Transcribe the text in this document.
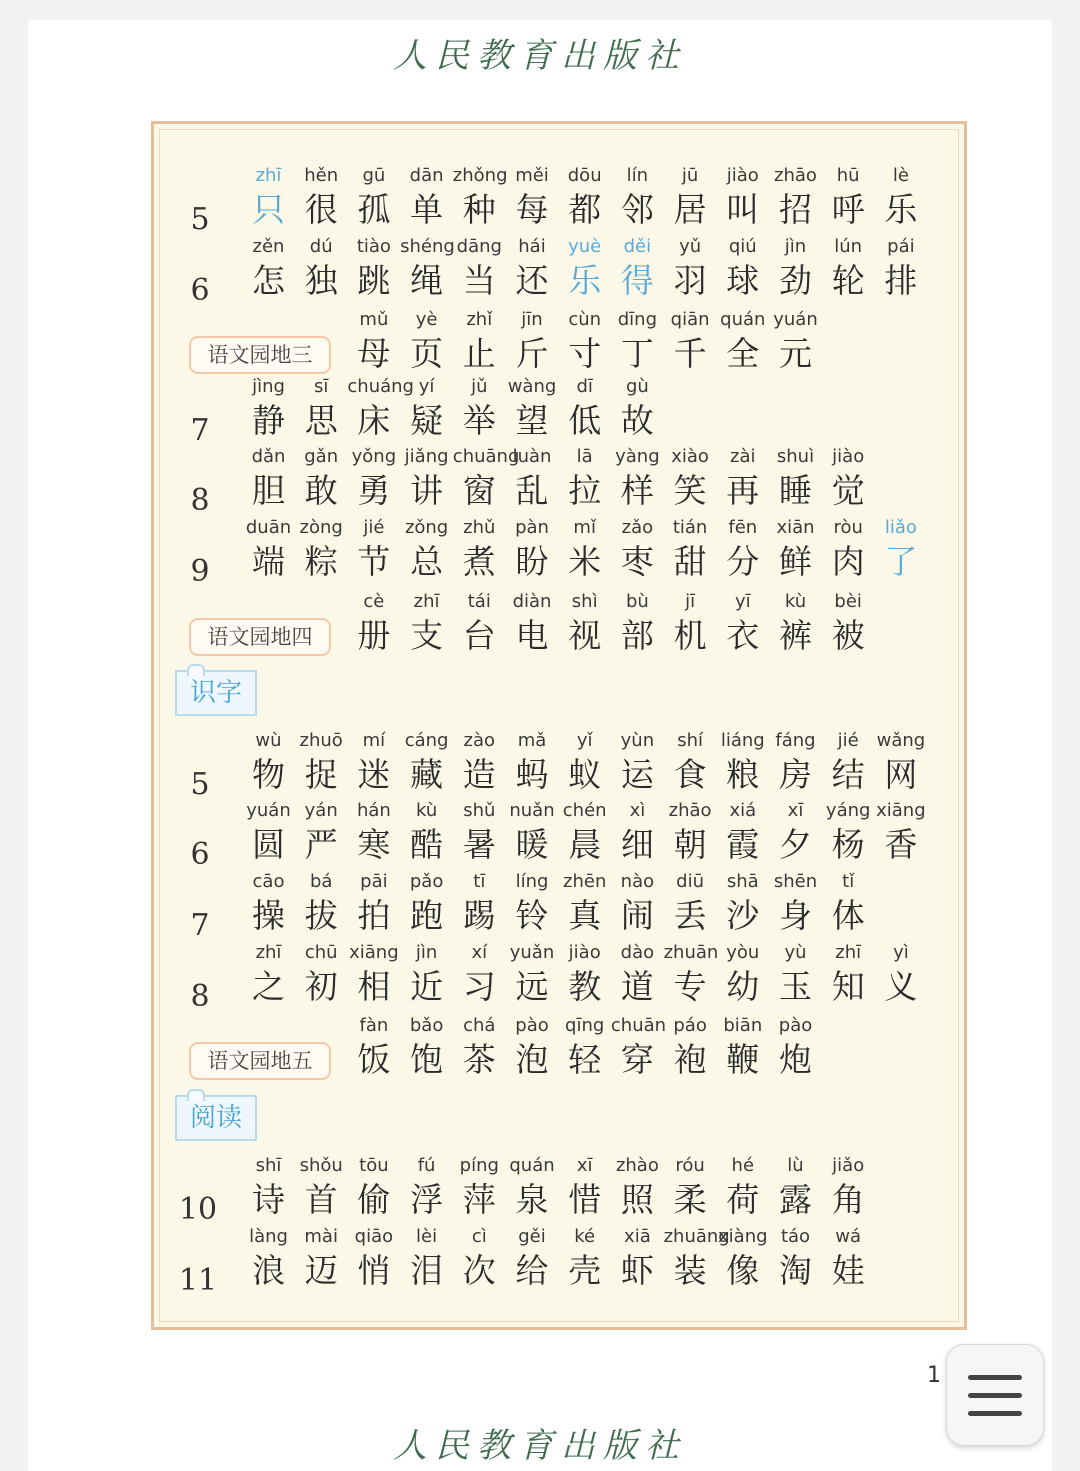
人民教育出版社
5
zhī
只
hěn
很
gū
孤
dān
单
zhǒng
种
měi
每
dōu
都
lín
邻
jū
居
jiào
叫
zhāo
招
hū
呼
lè
乐
6
zěn
怎
dú
独
tiào
跳
shéng
绳
dāng
当
hái
还
yuè
乐
děi
得
yǔ
羽
qiú
球
jìn
劲
lún
轮
pái
排
语文园地三
mǔ
母
yè
页
zhǐ
止
jīn
斤
cùn
寸
dīng
丁
qiān
千
quán
全
yuán
元
7
jìng
静
sī
思
chuáng
床
yí
疑
jǔ
举
wàng
望
dī
低
gù
故
8
dǎn
胆
gǎn
敢
yǒng
勇
jiǎng
讲
chuāng
窗
luàn
乱
lā
拉
yàng
样
xiào
笑
zài
再
shuì
睡
jiào
觉
9
duān
端
zòng
粽
jié
节
zǒng
总
zhǔ
煮
pàn
盼
mǐ
米
zǎo
枣
tián
甜
fēn
分
xiān
鲜
ròu
肉
liǎo
了
语文园地四
cè
册
zhī
支
tái
台
diàn
电
shì
视
bù
部
jī
机
yī
衣
kù
裤
bèi
被
识字
5
wù
物
zhuō
捉
mí
迷
cáng
藏
zào
造
mǎ
蚂
yǐ
蚁
yùn
运
shí
食
liáng
粮
fáng
房
jié
结
wǎng
网
6
yuán
圆
yán
严
hán
寒
kù
酷
shǔ
暑
nuǎn
暖
chén
晨
xì
细
zhāo
朝
xiá
霞
xī
夕
yáng
杨
xiāng
香
7
cāo
操
bá
拔
pāi
拍
pǎo
跑
tī
踢
líng
铃
zhēn
真
nào
闹
diū
丢
shā
沙
shēn
身
tǐ
体
8
zhī
之
chū
初
xiāng
相
jìn
近
xí
习
yuǎn
远
jiào
教
dào
道
zhuān
专
yòu
幼
yù
玉
zhī
知
yì
义
语文园地五
fàn
饭
bǎo
饱
chá
茶
pào
泡
qīng
轻
chuān
穿
páo
袍
biān
鞭
pào
炮
阅读
10
shī
诗
shǒu
首
tōu
偷
fú
浮
píng
萍
quán
泉
xī
惜
zhào
照
róu
柔
hé
荷
lù
露
jiǎo
角
11
làng
浪
mài
迈
qiāo
悄
lèi
泪
cì
次
gěi
给
ké
壳
xiā
虾
zhuāng
装
xiàng
像
táo
淘
wá
娃
人民教育出版社
1
